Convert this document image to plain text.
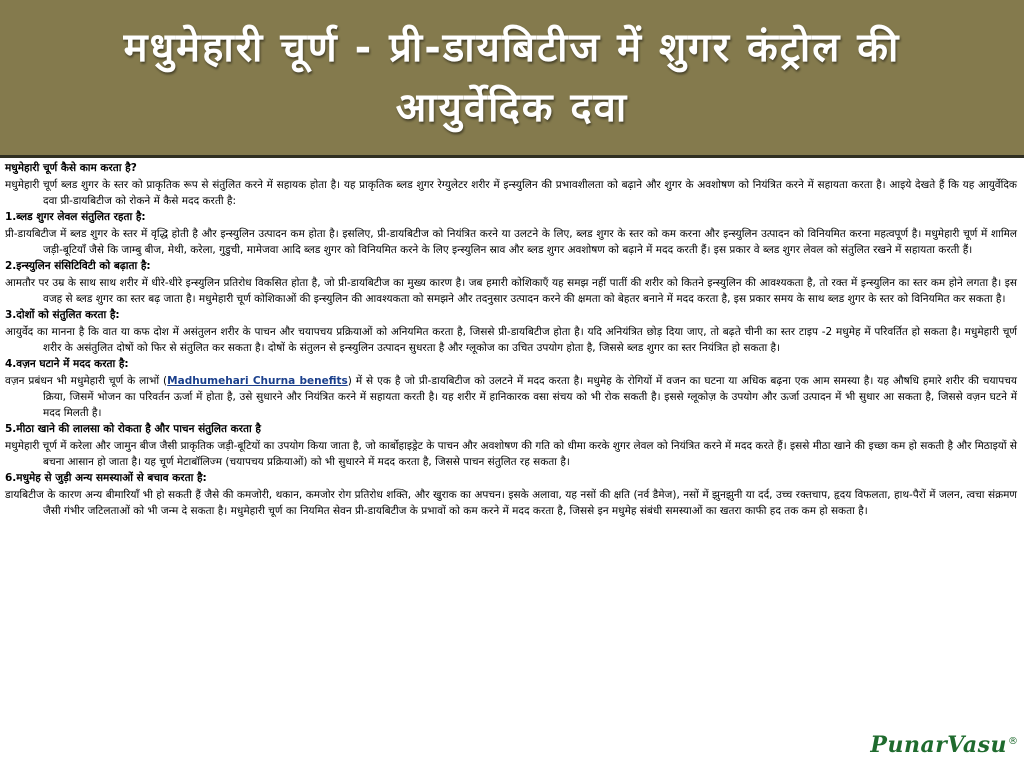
मधुमेहारी चूर्ण - प्री-डायबिटीज में शुगर कंट्रोल की आयुर्वेदिक दवा

मधुमेहारी चूर्ण कैसे काम करता है?

मधुमेहारी चूर्ण ब्लड शुगर के स्तर को प्राकृतिक रूप से संतुलित करने में सहायक होता है। यह प्राकृतिक ब्लड शुगर रेग्युलेटर शरीर में इन्स्युलिन की प्रभावशीलता को बढ़ाने और शुगर के अवशोषण को नियंत्रित करने में सहायता करता है। आइये देखते हैं कि यह आयुर्वेदिक दवा प्री-डायबिटीज को रोकने में कैसे मदद करती है:

1.ब्लड शुगर लेवल संतुलित रहता है:

प्री-डायबिटीज में ब्लड शुगर के स्तर में वृद्धि होती है और इन्स्युलिन उत्पादन कम होता है। इसलिए, प्री-डायबिटीज को नियंत्रित करने या उलटने के लिए, ब्लड शुगर के स्तर को कम करना और इन्स्युलिन उत्पादन को विनियमित करना महत्वपूर्ण है। मधुमेहारी चूर्ण में शामिल जड़ी-बूटियाँ जैसे कि जाम्बु बीज, मेथी, करेला, गुडुची, मामेजवा आदि ब्लड शुगर को विनियमित करने के लिए इन्स्युलिन स्राव और ब्लड शुगर अवशोषण को बढ़ाने में मदद करती हैं। इस प्रकार वे ब्लड शुगर लेवल को संतुलित रखने में सहायता करती हैं।

2.इन्स्युलिन संसिटिविटी को बढ़ाता है:

आमतौर पर उम्र के साथ साथ शरीर में धीरे-धीरे इन्स्युलिन प्रतिरोध विकसित होता है, जो प्री-डायबिटीज का मुख्य कारण है। जब हमारी कोशिकाएँ यह समझ नहीं पातीं की शरीर को कितने इन्स्युलिन की आवश्यकता है, तो रक्त में इन्स्युलिन का स्तर कम होने लगता है। इस वजह से ब्लड शुगर का स्तर बढ़ जाता है। मधुमेहारी चूर्ण कोशिकाओं की इन्स्युलिन की आवश्यकता को समझने और तदनुसार उत्पादन करने की क्षमता को बेहतर बनाने में मदद करता है, इस प्रकार समय के साथ ब्लड शुगर के स्तर को विनियमित कर सकता है।

3.दोशों को संतुलित करता है:

आयुर्वेद का मानना है कि वात या कफ दोश में असंतुलन शरीर के पाचन और चयापचय प्रक्रियाओं को अनियमित करता है, जिससे प्री-डायबिटीज होता है। यदि अनियंत्रित छोड़ दिया जाए, तो बढ़ते चीनी का स्तर टाइप -2 मधुमेह में परिवर्तित हो सकता है। मधुमेहारी चूर्ण शरीर के असंतुलित दोषों को फिर से संतुलित कर सकता है। दोषों के संतुलन से इन्स्युलिन उत्पादन सुधरता है और ग्लूकोज का उचित उपयोग होता है, जिससे ब्लड शुगर का स्तर नियंत्रित हो सकता है।

4.वज़न घटाने में मदद करता है:

वज़न प्रबंधन भी मधुमेहारी चूर्ण के लाभों (Madhumehari Churna benefits) में से एक है जो प्री-डायबिटीज को उलटने में मदद करता है। मधुमेह के रोगियों में वजन का घटना या अधिक बढ़ना एक आम समस्या है। यह औषधि हमारे शरीर की चयापचय क्रिया, जिसमें भोजन का परिवर्तन ऊर्जा में होता है, उसे सुधारने और नियंत्रित करने में सहायता करती है। यह शरीर में हानिकारक वसा संचय को भी रोक सकती है। इससे ग्लूकोज़ के उपयोग और ऊर्जा उत्पादन में भी सुधार आ सकता है, जिससे वज़न घटने में मदद मिलती है।

5.मीठा खाने की लालसा को रोकता है और पाचन संतुलित करता है

मधुमेहारी चूर्ण में करेला और जामुन बीज जैसी प्राकृतिक जड़ी-बूटियों का उपयोग किया जाता है, जो कार्बोहाइड्रेट के पाचन और अवशोषण की गति को धीमा करके शुगर लेवल को नियंत्रित करने में मदद करते हैं। इससे मीठा खाने की इच्छा कम हो सकती है और मिठाइयों से बचना आसान हो जाता है। यह चूर्ण मेटाबॉलिज्म (चयापचय प्रक्रियाओं) को भी सुधारने में मदद करता है, जिससे पाचन संतुलित रह सकता है।

6.मधुमेह से जुड़ी अन्य समस्याओं से बचाव करता है:

डायबिटीज के कारण अन्य बीमारियाँ भी हो सकती हैं जैसे की कमजोरी, थकान, कमजोर रोग प्रतिरोध शक्ति, और खुराक का अपचन। इसके अलावा, यह नसों की क्षति (नर्व डैमेज), नसों में झुनझुनी या दर्द, उच्च रक्तचाप, हृदय विफलता, हाथ-पैरों में जलन, त्वचा संक्रमण जैसी गंभीर जटिलताओं को भी जन्म दे सकता है। मधुमेहारी चूर्ण का नियमित सेवन प्री-डायबिटीज के प्रभावों को कम करने में मदद करता है, जिससे इन मधुमेह संबंधी समस्याओं का खतरा काफी हद तक कम हो सकता है।

PunarVasu ®
